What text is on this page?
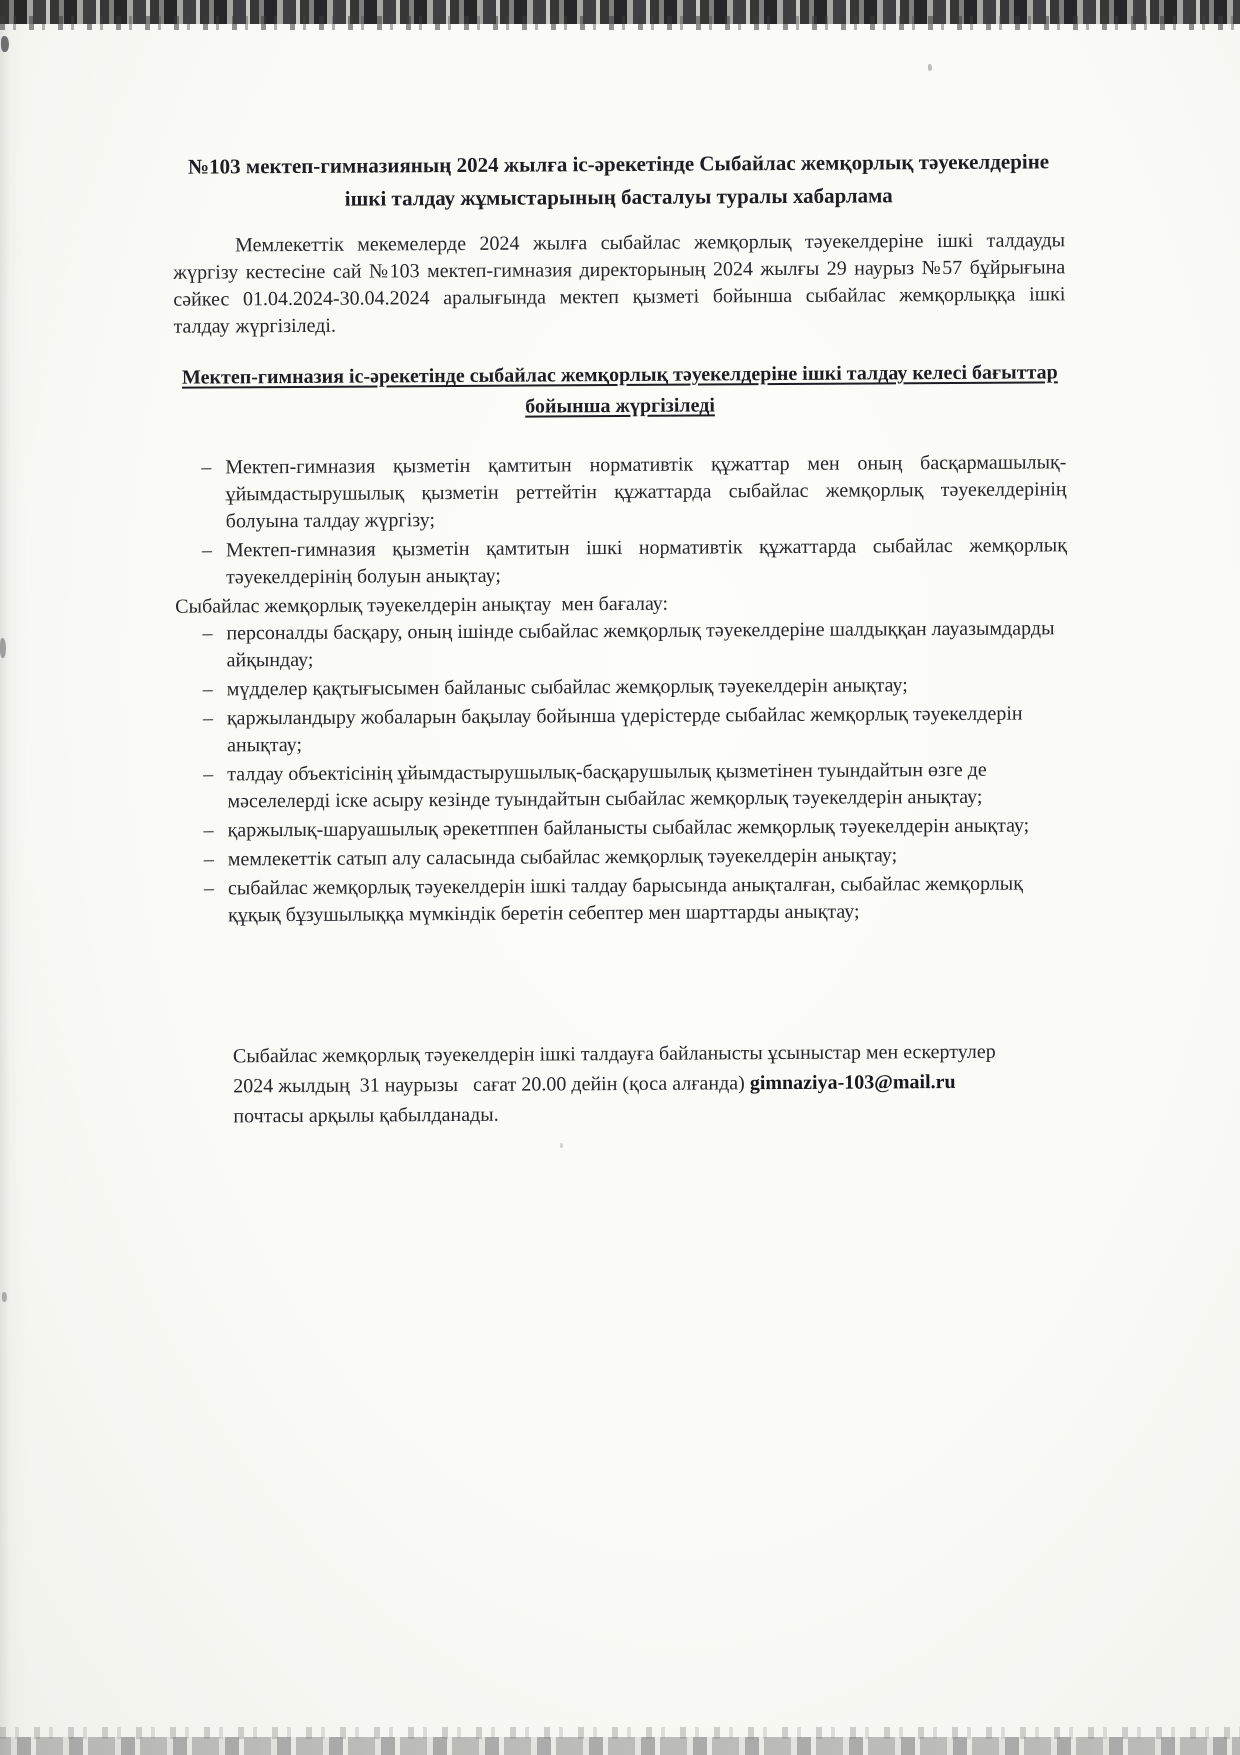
№103 мектеп-гимназияның 2024 жылға іс-әрекетінде Сыбайлас жемқорлық тәуекелдеріне ішкі талдау жұмыстарының басталуы туралы хабарлама

Мемлекеттік мекемелерде 2024 жылға сыбайлас жемқорлық тәуекелдеріне ішкі талдауды жүргізу кестесіне сай №103 мектеп-гимназия директорының 2024 жылғы 29 наурыз №57 бұйрығына сәйкес 01.04.2024-30.04.2024 аралығында мектеп қызметі бойынша сыбайлас жемқорлыққа ішкі талдау жүргізіледі.

Мектеп-гимназия іс-әрекетінде сыбайлас жемқорлық тәуекелдеріне ішкі талдау келесі бағыттар бойынша жүргізіледі
– Мектеп-гимназия қызметін қамтитын нормативтік құжаттар мен оның басқармашылық-ұйымдастырушылық қызметін реттейтін құжаттарда сыбайлас жемқорлық тәуекелдерінің болуына талдау жүргізу;
– Мектеп-гимназия қызметін қамтитын ішкі нормативтік құжаттарда сыбайлас жемқорлық тәуекелдерінің болуын анықтау;
Сыбайлас жемқорлық тәуекелдерін анықтау  мен бағалау:
– персоналды басқару, оның ішінде сыбайлас жемқорлық тәуекелдеріне шалдыққан лауазымдарды айқындау;
– мүдделер қақтығысымен байланыс сыбайлас жемқорлық тәуекелдерін анықтау;
– қаржыландыру жобаларын бақылау бойынша үдерістерде сыбайлас жемқорлық тәуекелдерін анықтау;
– талдау объектісінің ұйымдастырушылық-басқарушылық қызметінен туындайтын өзге де мәселелерді іске асыру кезінде туындайтын сыбайлас жемқорлық тәуекелдерін анықтау;
– қаржылық-шаруашылық әрекетппен байланысты сыбайлас жемқорлық тәуекелдерін анықтау;
– мемлекеттік сатып алу саласында сыбайлас жемқорлық тәуекелдерін анықтау;
– сыбайлас жемқорлық тәуекелдерін ішкі талдау барысында анықталған, сыбайлас жемқорлық құқық бұзушылыққа мүмкіндік беретін себептер мен шарттарды анықтау;

Сыбайлас жемқорлық тәуекелдерін ішкі талдауға байланысты ұсыныстар мен ескертулер 2024 жылдың  31 наурызы   сағат 20.00 дейін (қоса алғанда) gimnaziya-103@mail.ru  почтасы арқылы қабылданады.
